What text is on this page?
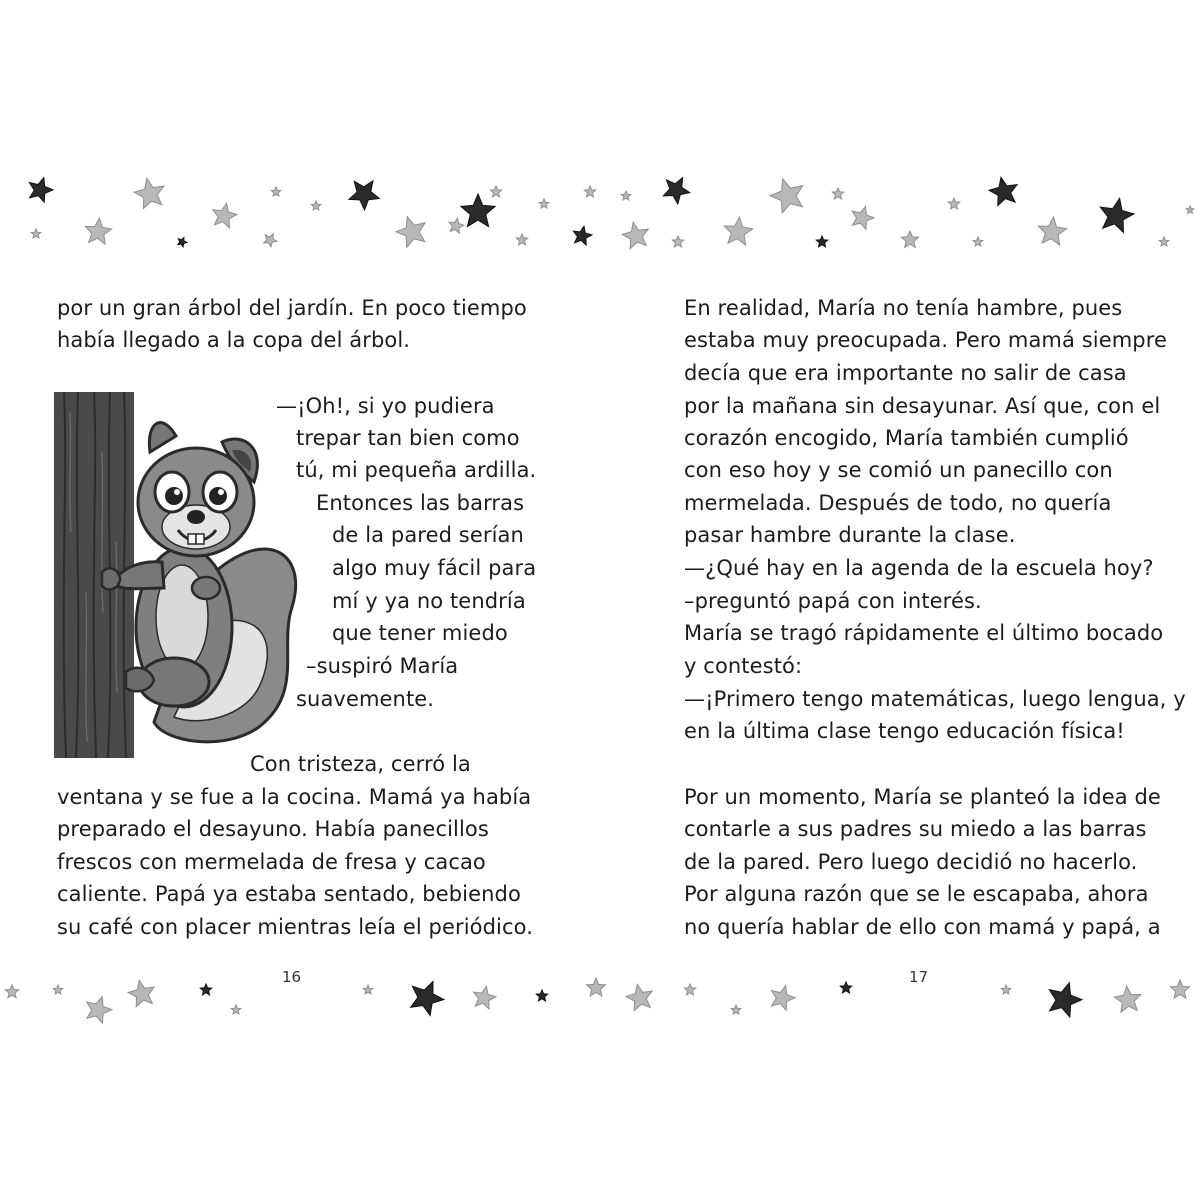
por un gran árbol del jardín. En poco tiempo
había llegado a la copa del árbol.
—¡Oh!, si yo pudiera
trepar tan bien como
tú, mi pequeña ardilla.
Entonces las barras
de la pared serían
algo muy fácil para
mí y ya no tendría
que tener miedo
–suspiró María
suavemente.
Con tristeza, cerró la
ventana y se fue a la cocina. Mamá ya había
preparado el desayuno. Había panecillos
frescos con mermelada de fresa y cacao
caliente. Papá ya estaba sentado, bebiendo
su café con placer mientras leía el periódico.
16
En realidad, María no tenía hambre, pues
estaba muy preocupada. Pero mamá siempre
decía que era importante no salir de casa
por la mañana sin desayunar. Así que, con el
corazón encogido, María también cumplió
con eso hoy y se comió un panecillo con
mermelada. Después de todo, no quería
pasar hambre durante la clase.
—¿Qué hay en la agenda de la escuela hoy?
–preguntó papá con interés.
María se tragó rápidamente el último bocado
y contestó:
—¡Primero tengo matemáticas, luego lengua, y
en la última clase tengo educación física!
Por un momento, María se planteó la idea de
contarle a sus padres su miedo a las barras
de la pared. Pero luego decidió no hacerlo.
Por alguna razón que se le escapaba, ahora
no quería hablar de ello con mamá y papá, a
17
